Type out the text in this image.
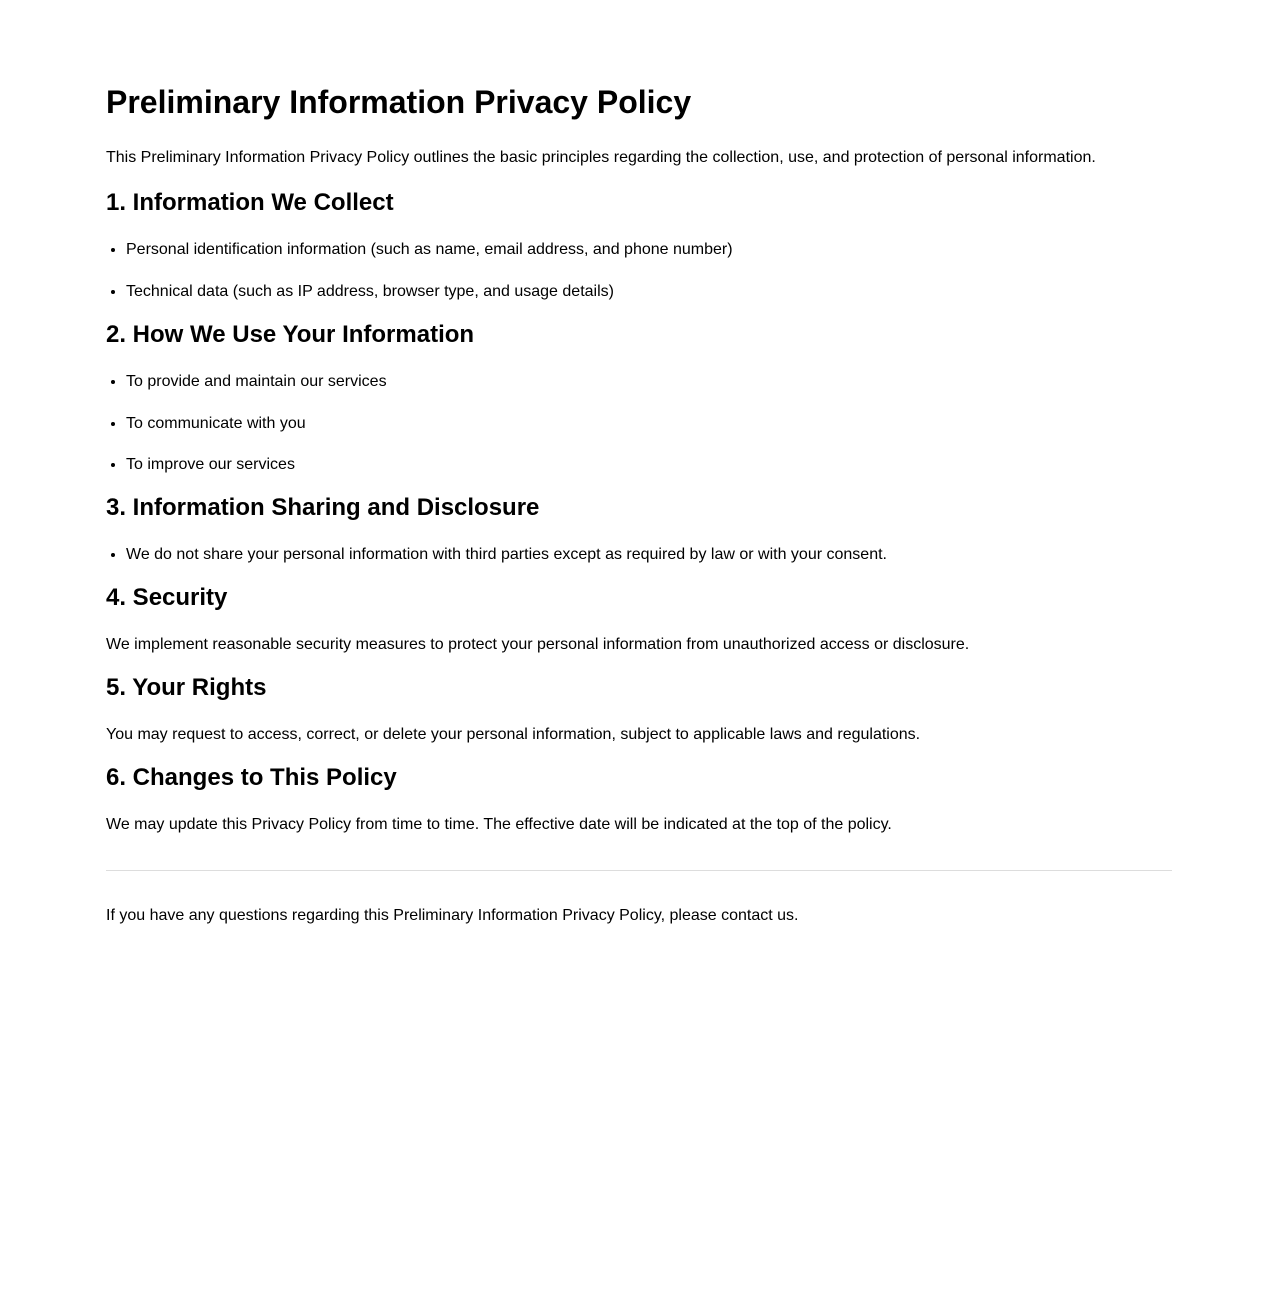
Preliminary Information Privacy Policy

This Preliminary Information Privacy Policy outlines the basic principles regarding the collection, use, and protection of personal information.

1. Information We Collect
• Personal identification information (such as name, email address, and phone number)
• Technical data (such as IP address, browser type, and usage details)
2. How We Use Your Information
• To provide and maintain our services
• To communicate with you
• To improve our services
3. Information Sharing and Disclosure
• We do not share your personal information with third parties except as required by law or with your consent.
4. Security

We implement reasonable security measures to protect your personal information from unauthorized access or disclosure.

5. Your Rights

You may request to access, correct, or delete your personal information, subject to applicable laws and regulations.

6. Changes to This Policy

We may update this Privacy Policy from time to time. The effective date will be indicated at the top of the policy.

If you have any questions regarding this Preliminary Information Privacy Policy, please contact us.
